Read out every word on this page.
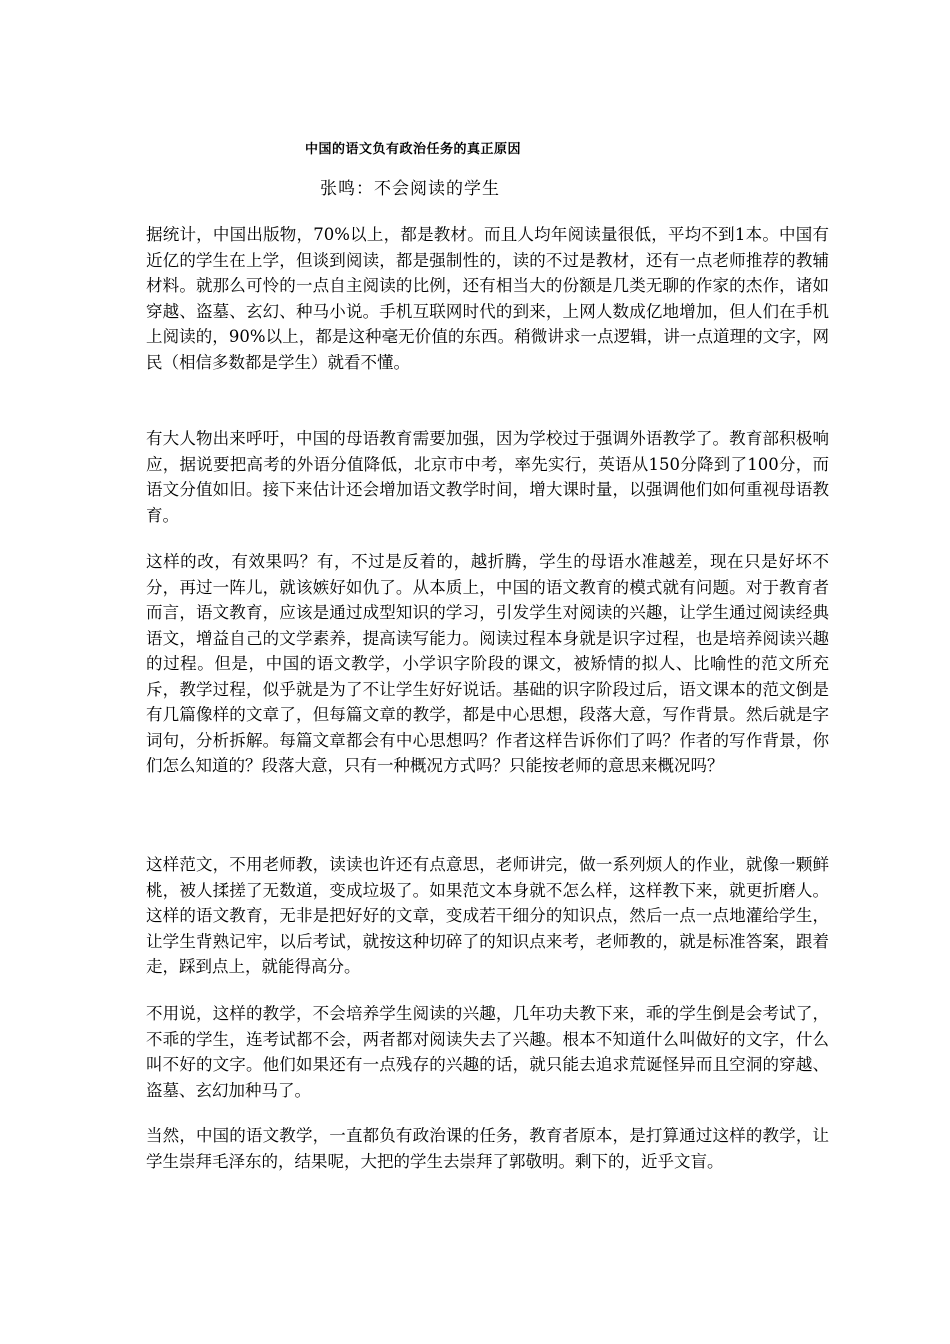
中国的语文负有政治任务的真正原因
张鸣：不会阅读的学生

据统计，中国出版物，70%以上，都是教材。而且人均年阅读量很低，平均不到1本。中国有近亿的学生在上学，但谈到阅读，都是强制性的，读的不过是教材，还有一点老师推荐的教辅材料。就那么可怜的一点自主阅读的比例，还有相当大的份额是几类无聊的作家的杰作，诸如穿越、盗墓、玄幻、种马小说。手机互联网时代的到来，上网人数成亿地增加，但人们在手机上阅读的，90%以上，都是这种毫无价值的东西。稍微讲求一点逻辑，讲一点道理的文字，网民（相信多数都是学生）就看不懂。

有大人物出来呼吁，中国的母语教育需要加强，因为学校过于强调外语教学了。教育部积极响应，据说要把高考的外语分值降低，北京市中考，率先实行，英语从150分降到了100分，而语文分值如旧。接下来估计还会增加语文教学时间，增大课时量，以强调他们如何重视母语教育。

这样的改，有效果吗？有，不过是反着的，越折腾，学生的母语水准越差，现在只是好坏不分，再过一阵儿，就该嫉好如仇了。从本质上，中国的语文教育的模式就有问题。对于教育者而言，语文教育，应该是通过成型知识的学习，引发学生对阅读的兴趣，让学生通过阅读经典语文，增益自己的文学素养，提高读写能力。阅读过程本身就是识字过程，也是培养阅读兴趣的过程。但是，中国的语文教学，小学识字阶段的课文，被矫情的拟人、比喻性的范文所充斥，教学过程，似乎就是为了不让学生好好说话。基础的识字阶段过后，语文课本的范文倒是有几篇像样的文章了，但每篇文章的教学，都是中心思想，段落大意，写作背景。然后就是字词句，分析拆解。每篇文章都会有中心思想吗？作者这样告诉你们了吗？作者的写作背景，你们怎么知道的？段落大意，只有一种概况方式吗？只能按老师的意思来概况吗？

这样范文，不用老师教，读读也许还有点意思，老师讲完，做一系列烦人的作业，就像一颗鲜桃，被人揉搓了无数道，变成垃圾了。如果范文本身就不怎么样，这样教下来，就更折磨人。这样的语文教育，无非是把好好的文章，变成若干细分的知识点，然后一点一点地灌给学生，让学生背熟记牢，以后考试，就按这种切碎了的知识点来考，老师教的，就是标准答案，跟着走，踩到点上，就能得高分。

不用说，这样的教学，不会培养学生阅读的兴趣，几年功夫教下来，乖的学生倒是会考试了，不乖的学生，连考试都不会，两者都对阅读失去了兴趣。根本不知道什么叫做好的文字，什么叫不好的文字。他们如果还有一点残存的兴趣的话，就只能去追求荒诞怪异而且空洞的穿越、盗墓、玄幻加种马了。

当然，中国的语文教学，一直都负有政治课的任务，教育者原本，是打算通过这样的教学，让学生崇拜毛泽东的，结果呢，大把的学生去崇拜了郭敬明。剩下的，近乎文盲。
